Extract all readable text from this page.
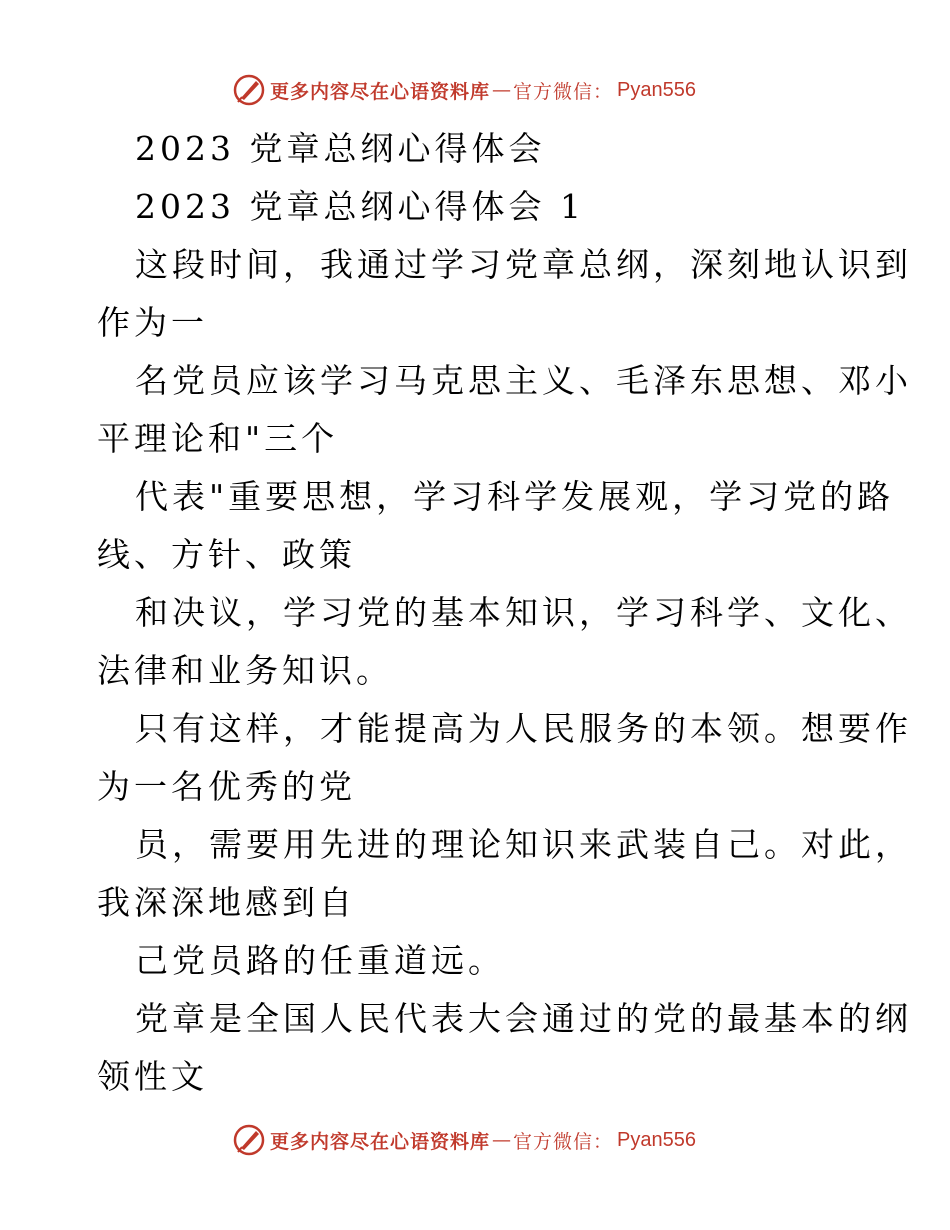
更多内容尽在心语资料库 — 官方微信： Pyan556
2023 党章总纲心得体会
2023 党章总纲心得体会 1
这段时间，我通过学习党章总纲，深刻地认识到
作为一
名党员应该学习马克思主义、毛泽东思想、邓小
平理论和"三个
代表"重要思想，学习科学发展观，学习党的路
线、方针、政策
和决议，学习党的基本知识，学习科学、文化、
法律和业务知识。
只有这样，才能提高为人民服务的本领。想要作
为一名优秀的党
员，需要用先进的理论知识来武装自己。对此，
我深深地感到自
己党员路的任重道远。
党章是全国人民代表大会通过的党的最基本的纲
领性文
更多内容尽在心语资料库 — 官方微信： Pyan556
